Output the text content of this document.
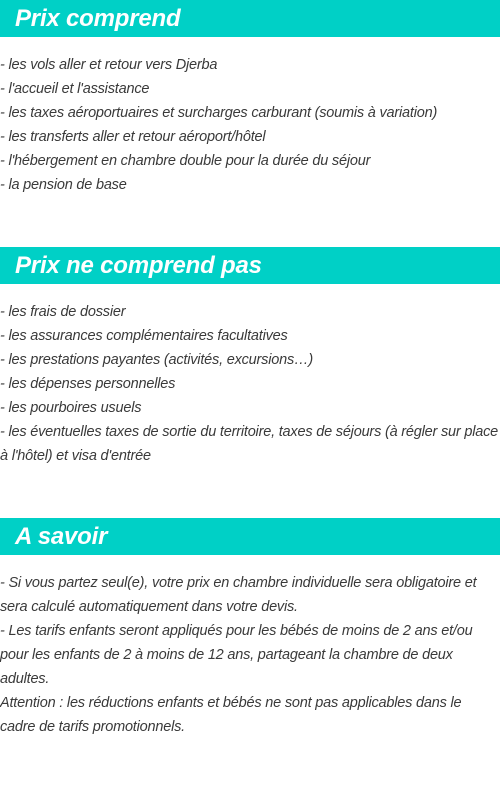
Prix comprend

- les vols aller et retour vers Djerba

- l'accueil et l'assistance

- les taxes aéroportuaires et surcharges carburant (soumis à variation)

- les transferts aller et retour aéroport/hôtel

- l'hébergement en chambre double pour la durée du séjour

- la pension de base

Prix ne comprend pas

- les frais de dossier

- les assurances complémentaires facultatives

- les prestations payantes (activités, excursions…)

- les dépenses personnelles

- les pourboires usuels

- les éventuelles taxes de sortie du territoire, taxes de séjours (à régler sur place à l'hôtel) et visa d'entrée

A savoir

- Si vous partez seul(e), votre prix en chambre individuelle sera obligatoire et sera calculé automatiquement dans votre devis.

- Les tarifs enfants seront appliqués pour les bébés de moins de 2 ans et/ou pour les enfants de 2 à moins de 12 ans, partageant la chambre de deux adultes.

Attention : les réductions enfants et bébés ne sont pas applicables dans le cadre de tarifs promotionnels.
